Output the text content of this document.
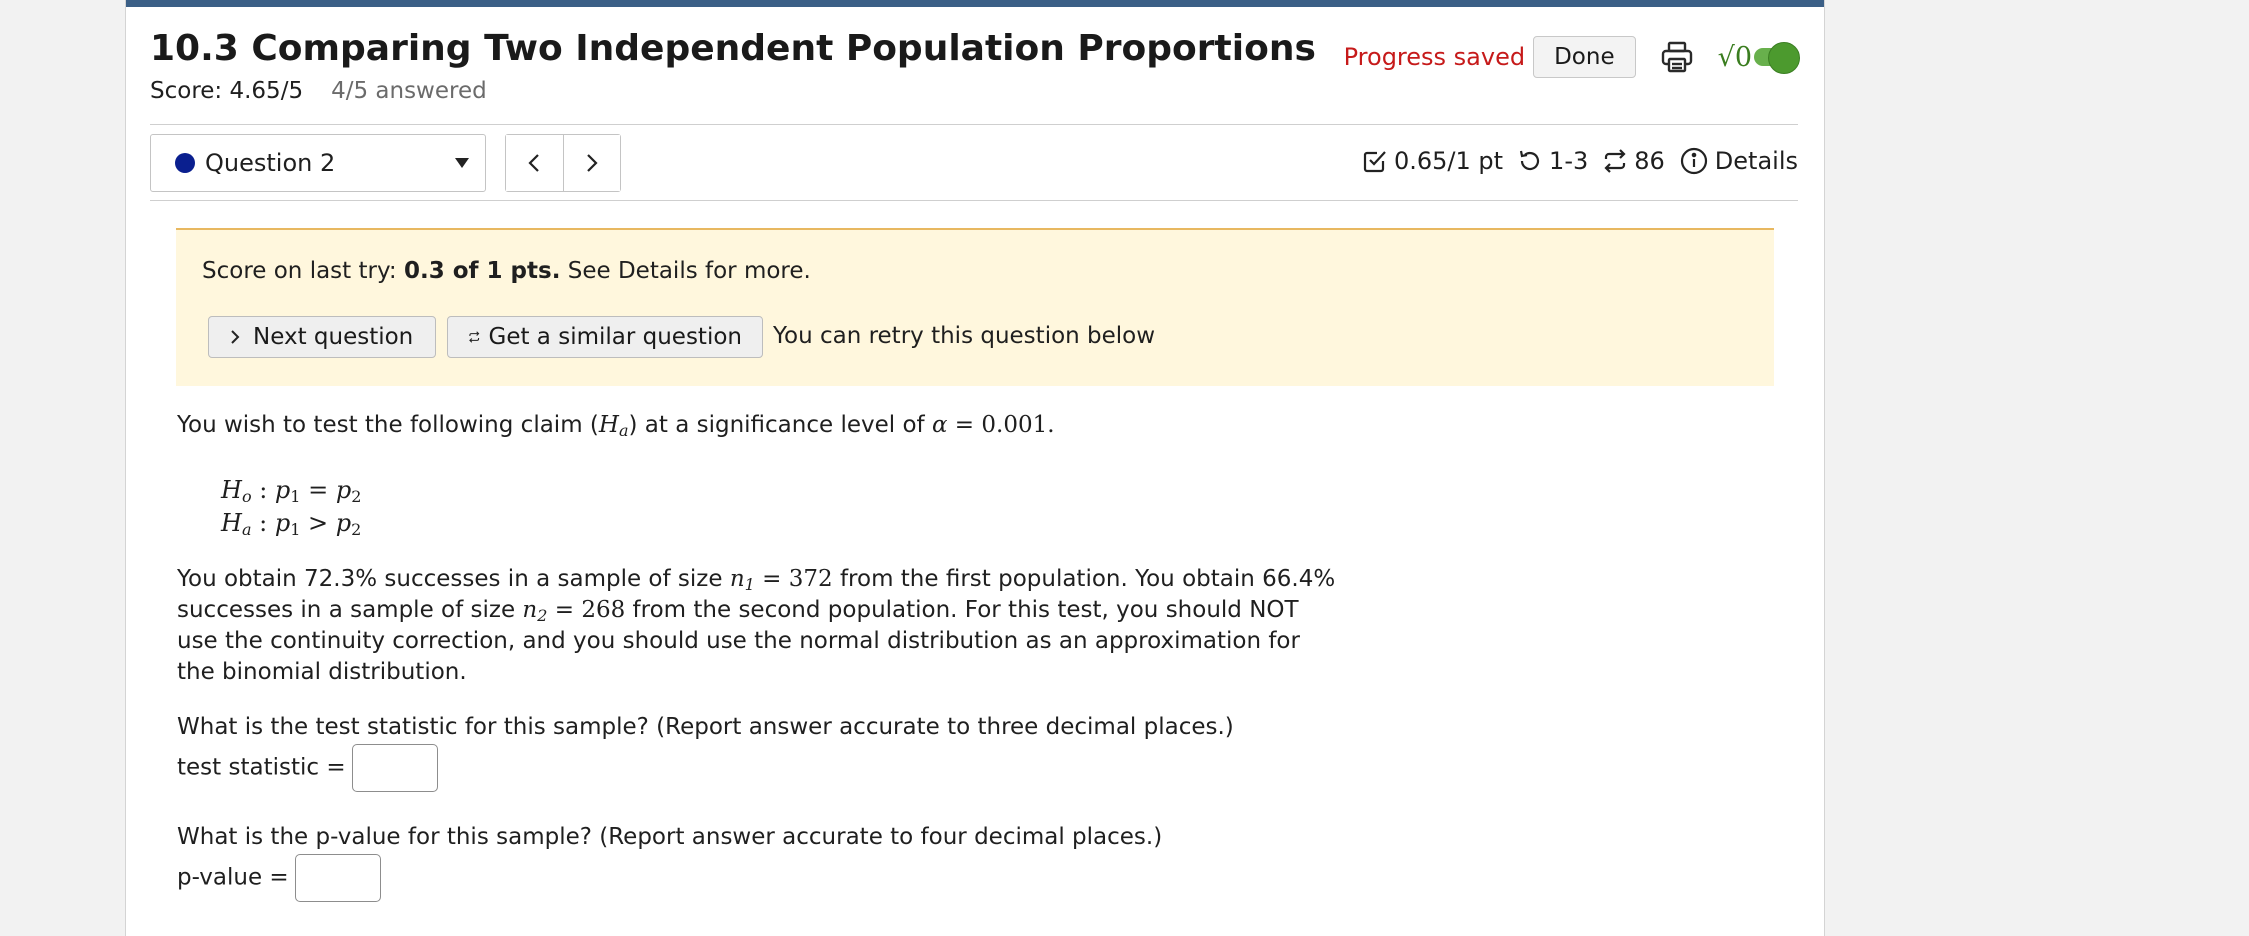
10.3 Comparing Two Independent Population Proportions
Score: 4.65/5 4/5 answered
Progress saved	Done	√0
Question 2	0.65/1 pt 1-3 86 Details
Score on last try: 0.3 of 1 pts. See Details for more.
Next question	Get a similar question You can retry this question below
You wish to test the following claim $(H_a)$ at a significance level of α = 0.001.
$H_o$ : $p_1 = p_2$
$H_a$ : $p_1 > p_2$
You obtain 72.3% successes in a sample of size $n_1 = 372$ from the first population. You obtain 66.4% successes in a sample of size $n_2 = 268$ from the second population. For this test, you should NOT use the continuity correction, and you should use the normal distribution as an approximation for the binomial distribution.
What is the test statistic for this sample? (Report answer accurate to three decimal places.)
test statistic =
What is the p-value for this sample? (Report answer accurate to four decimal places.)
p-value =
